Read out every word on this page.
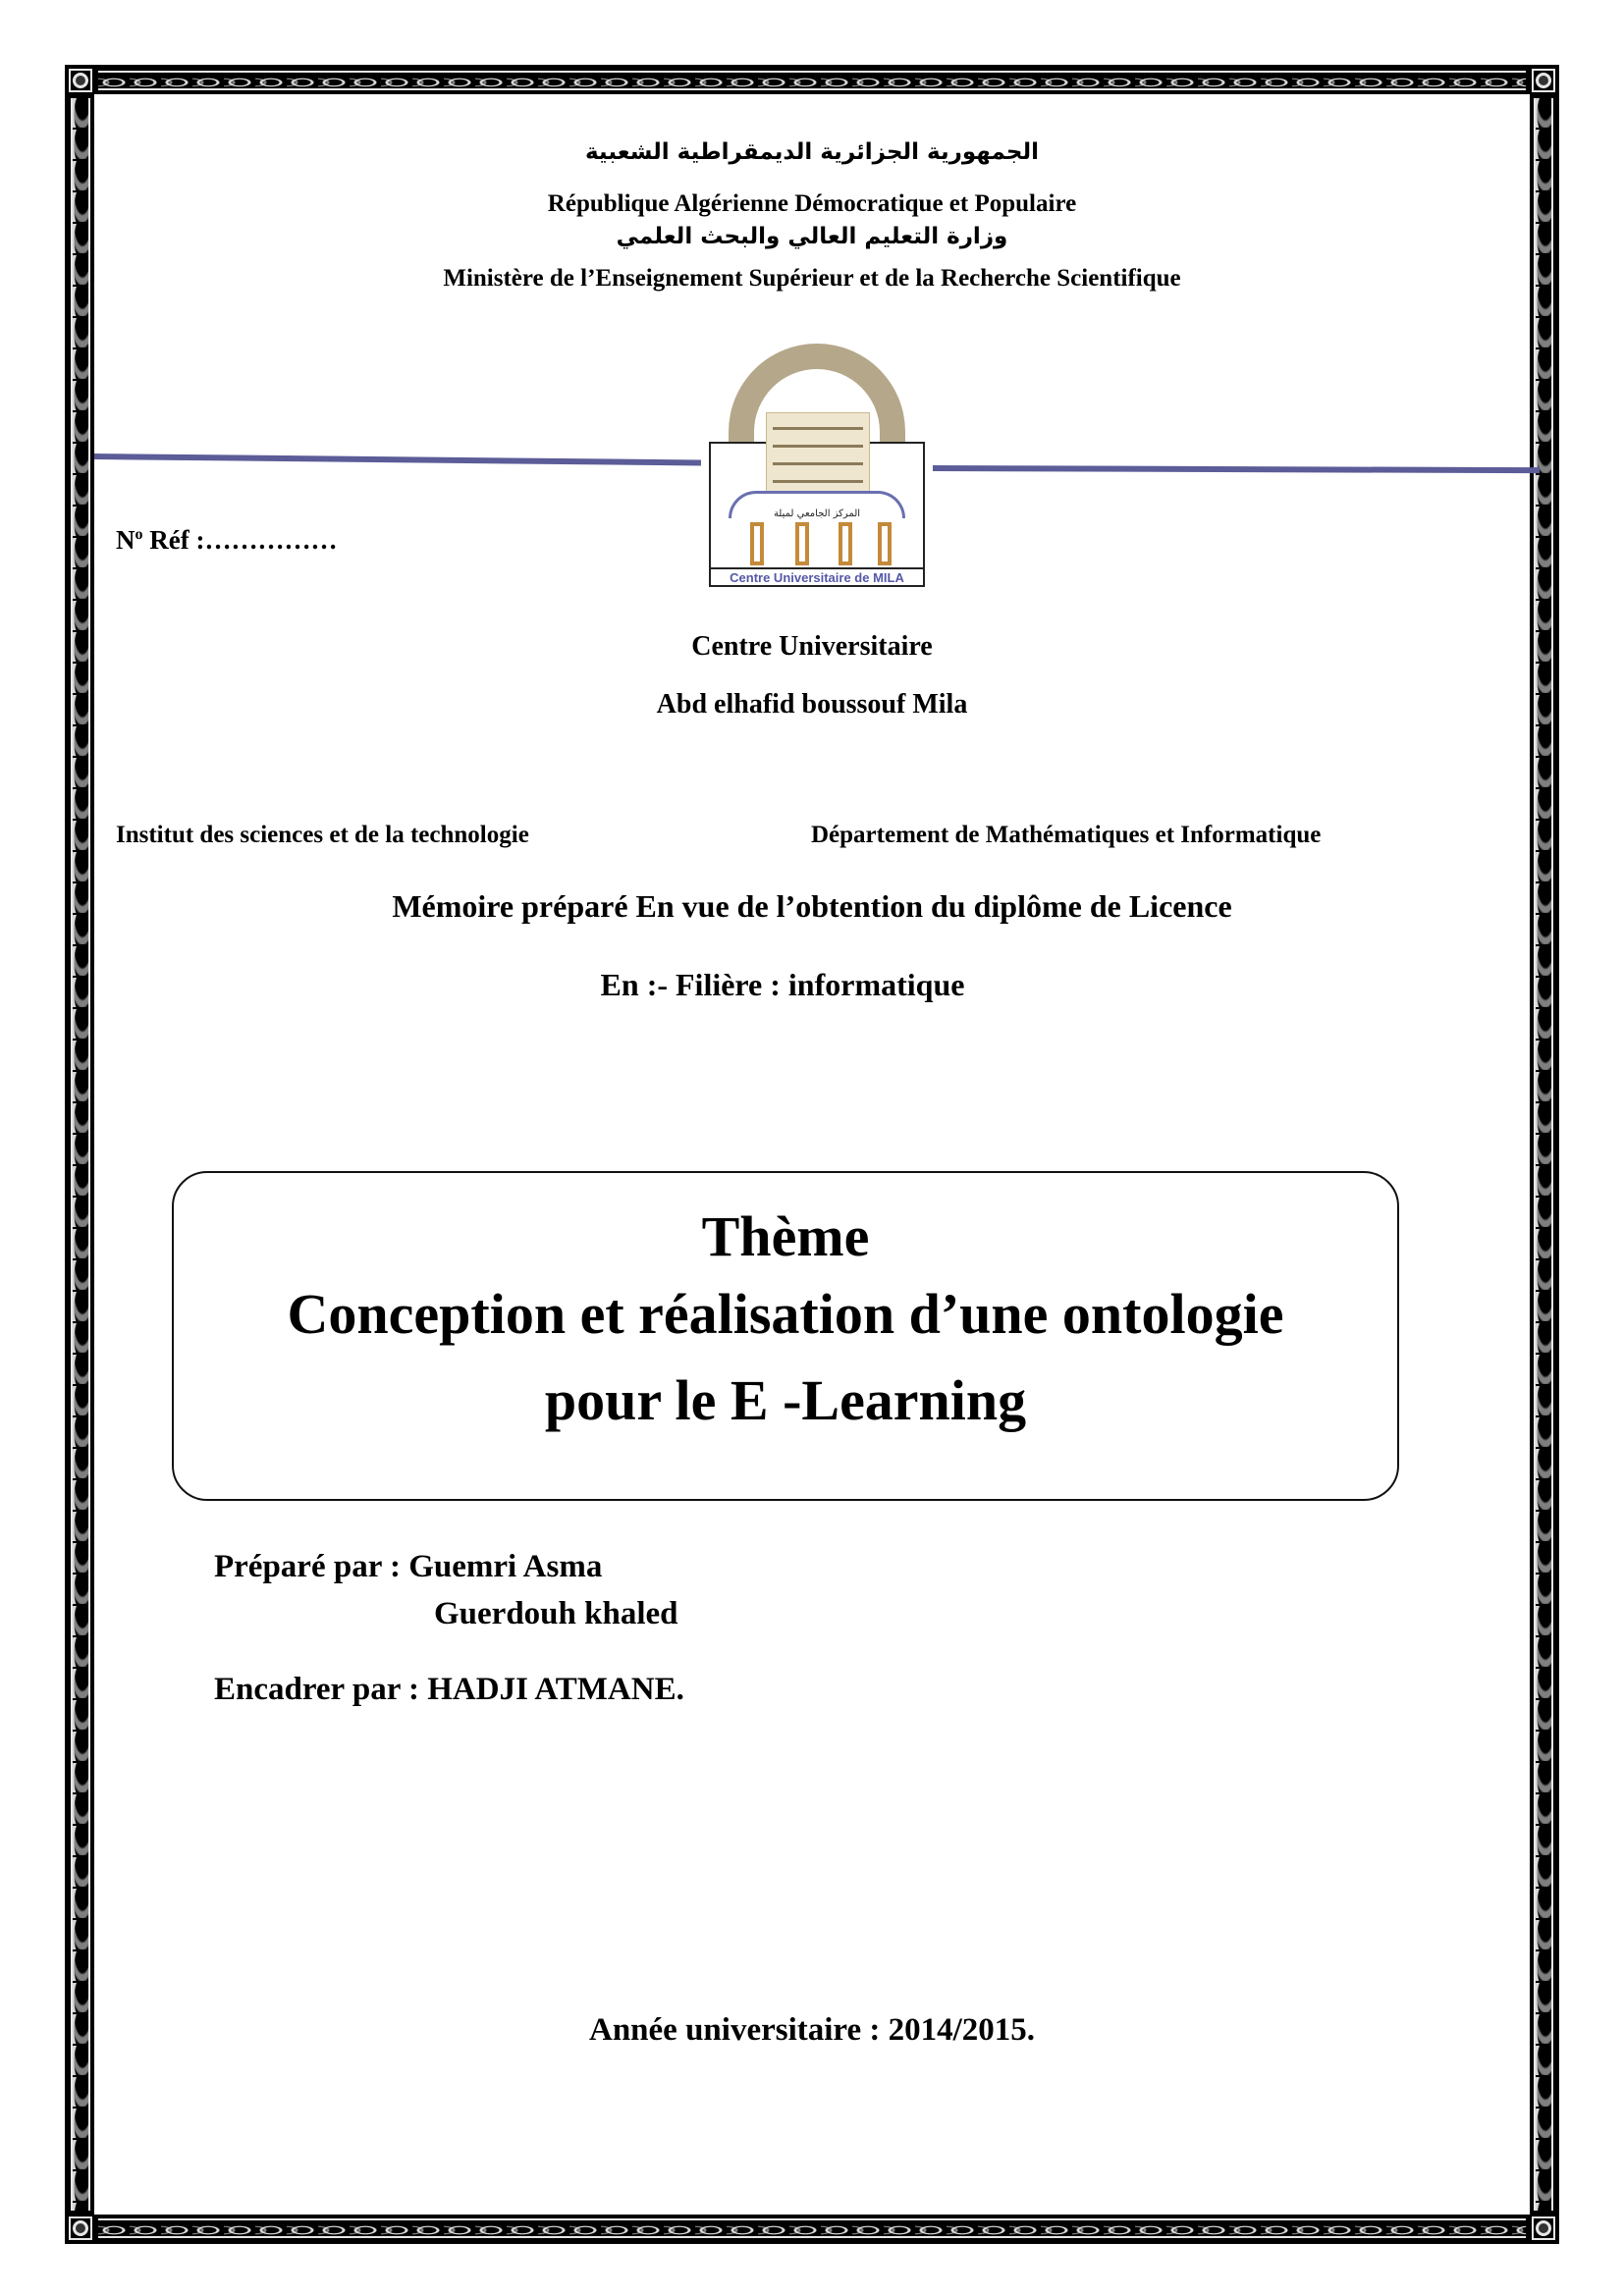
الجمهورية الجزائرية الديمقراطية الشعبية
République Algérienne Démocratique et Populaire
وزارة التعليم العالي والبحث العلمي
Ministère de l’Enseignement Supérieur et de la Recherche Scientifique
المركز الجامعي لميلة
Centre Universitaire de MILA
$N^o$ Réf :……………
Centre Universitaire
Abd elhafid boussouf Mila
Institut des sciences et de la technologie	Département de Mathématiques et Informatique
Mémoire préparé En vue de l’obtention du diplôme de Licence
En :- Filière : informatique
Thème
Conception et réalisation d’une ontologie
pour le E -Learning
Préparé par : Guemri Asma
Guerdouh khaled
Encadrer par : HADJI ATMANE.
Année universitaire : 2014/2015.
